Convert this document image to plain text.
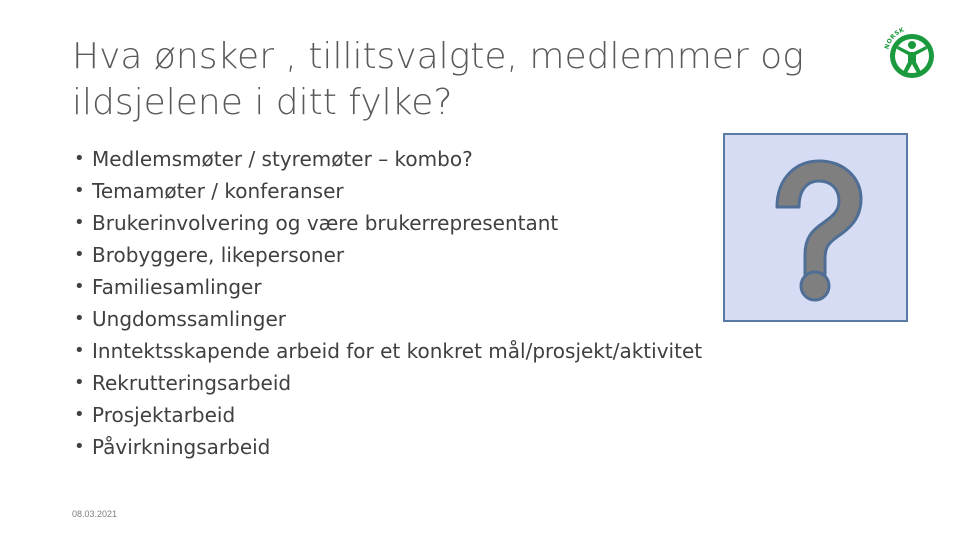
Hva ønsker , tillitsvalgte, medlemmer og ildsjelene i ditt fylke?
• Medlemsmøter / styremøter – kombo?
• Temamøter / konferanser
• Brukerinvolvering og være brukerrepresentant
• Brobyggere, likepersoner
• Familiesamlinger
• Ungdomssamlinger
• Inntektsskapende arbeid for et konkret mål/prosjekt/aktivitet
• Rekrutteringsarbeid
• Prosjektarbeid
• Påvirkningsarbeid
NORSK
08.03.2021
